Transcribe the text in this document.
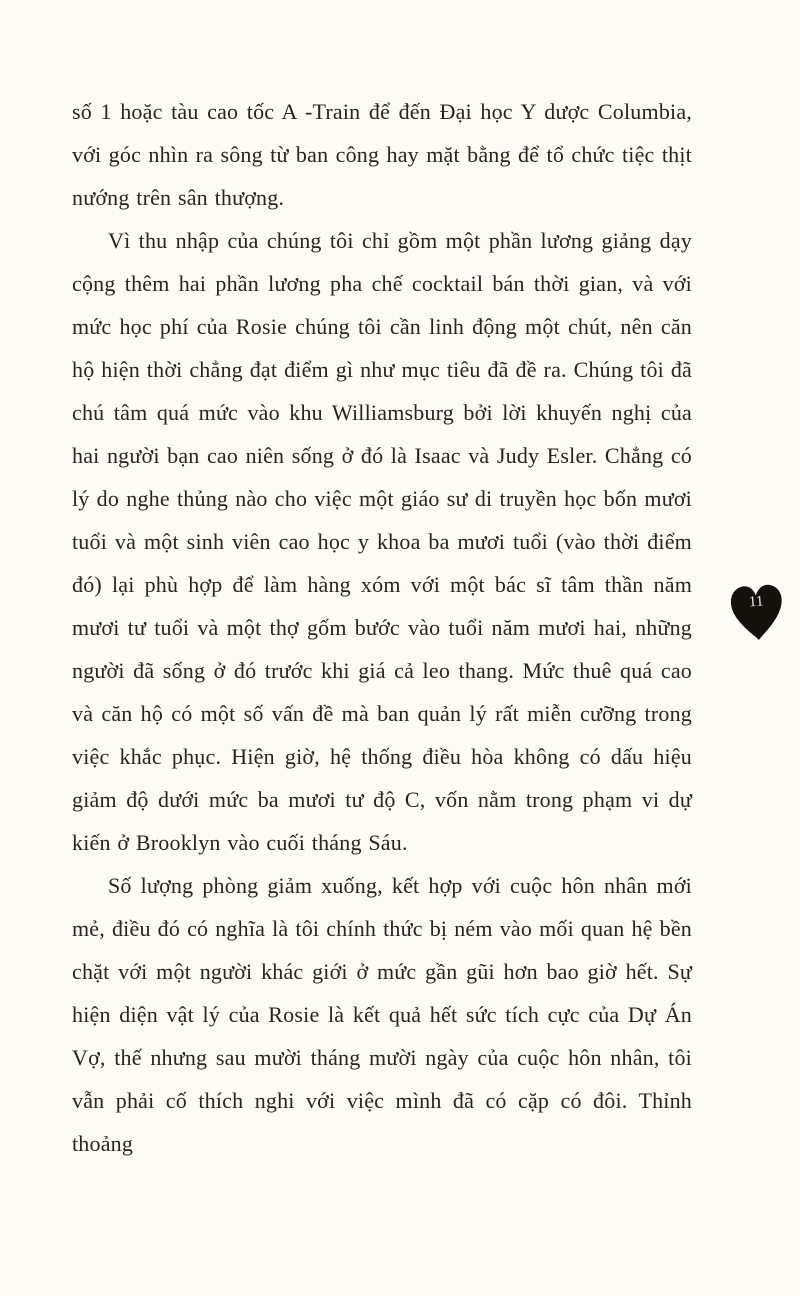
số 1 hoặc tàu cao tốc A -Train để đến Đại học Y dược Columbia, với góc nhìn ra sông từ ban công hay mặt bằng để tổ chức tiệc thịt nướng trên sân thượng.

Vì thu nhập của chúng tôi chỉ gồm một phần lương giảng dạy cộng thêm hai phần lương pha chế cocktail bán thời gian, và với mức học phí của Rosie chúng tôi cần linh động một chút, nên căn hộ hiện thời chẳng đạt điểm gì như mục tiêu đã đề ra. Chúng tôi đã chú tâm quá mức vào khu Williamsburg bởi lời khuyến nghị của hai người bạn cao niên sống ở đó là Isaac và Judy Esler. Chẳng có lý do nghe thủng nào cho việc một giáo sư di truyền học bốn mươi tuổi và một sinh viên cao học y khoa ba mươi tuổi (vào thời điểm đó) lại phù hợp để làm hàng xóm với một bác sĩ tâm thần năm mươi tư tuổi và một thợ gốm bước vào tuổi năm mươi hai, những người đã sống ở đó trước khi giá cả leo thang. Mức thuê quá cao và căn hộ có một số vấn đề mà ban quản lý rất miễn cưỡng trong việc khắc phục. Hiện giờ, hệ thống điều hòa không có dấu hiệu giảm độ dưới mức ba mươi tư độ C, vốn nằm trong phạm vi dự kiến ở Brooklyn vào cuối tháng Sáu.

Số lượng phòng giảm xuống, kết hợp với cuộc hôn nhân mới mẻ, điều đó có nghĩa là tôi chính thức bị ném vào mối quan hệ bền chặt với một người khác giới ở mức gần gũi hơn bao giờ hết. Sự hiện diện vật lý của Rosie là kết quả hết sức tích cực của Dự Án Vợ, thế nhưng sau mười tháng mười ngày của cuộc hôn nhân, tôi vẫn phải cố thích nghi với việc mình đã có cặp có đôi. Thỉnh thoảng

11
